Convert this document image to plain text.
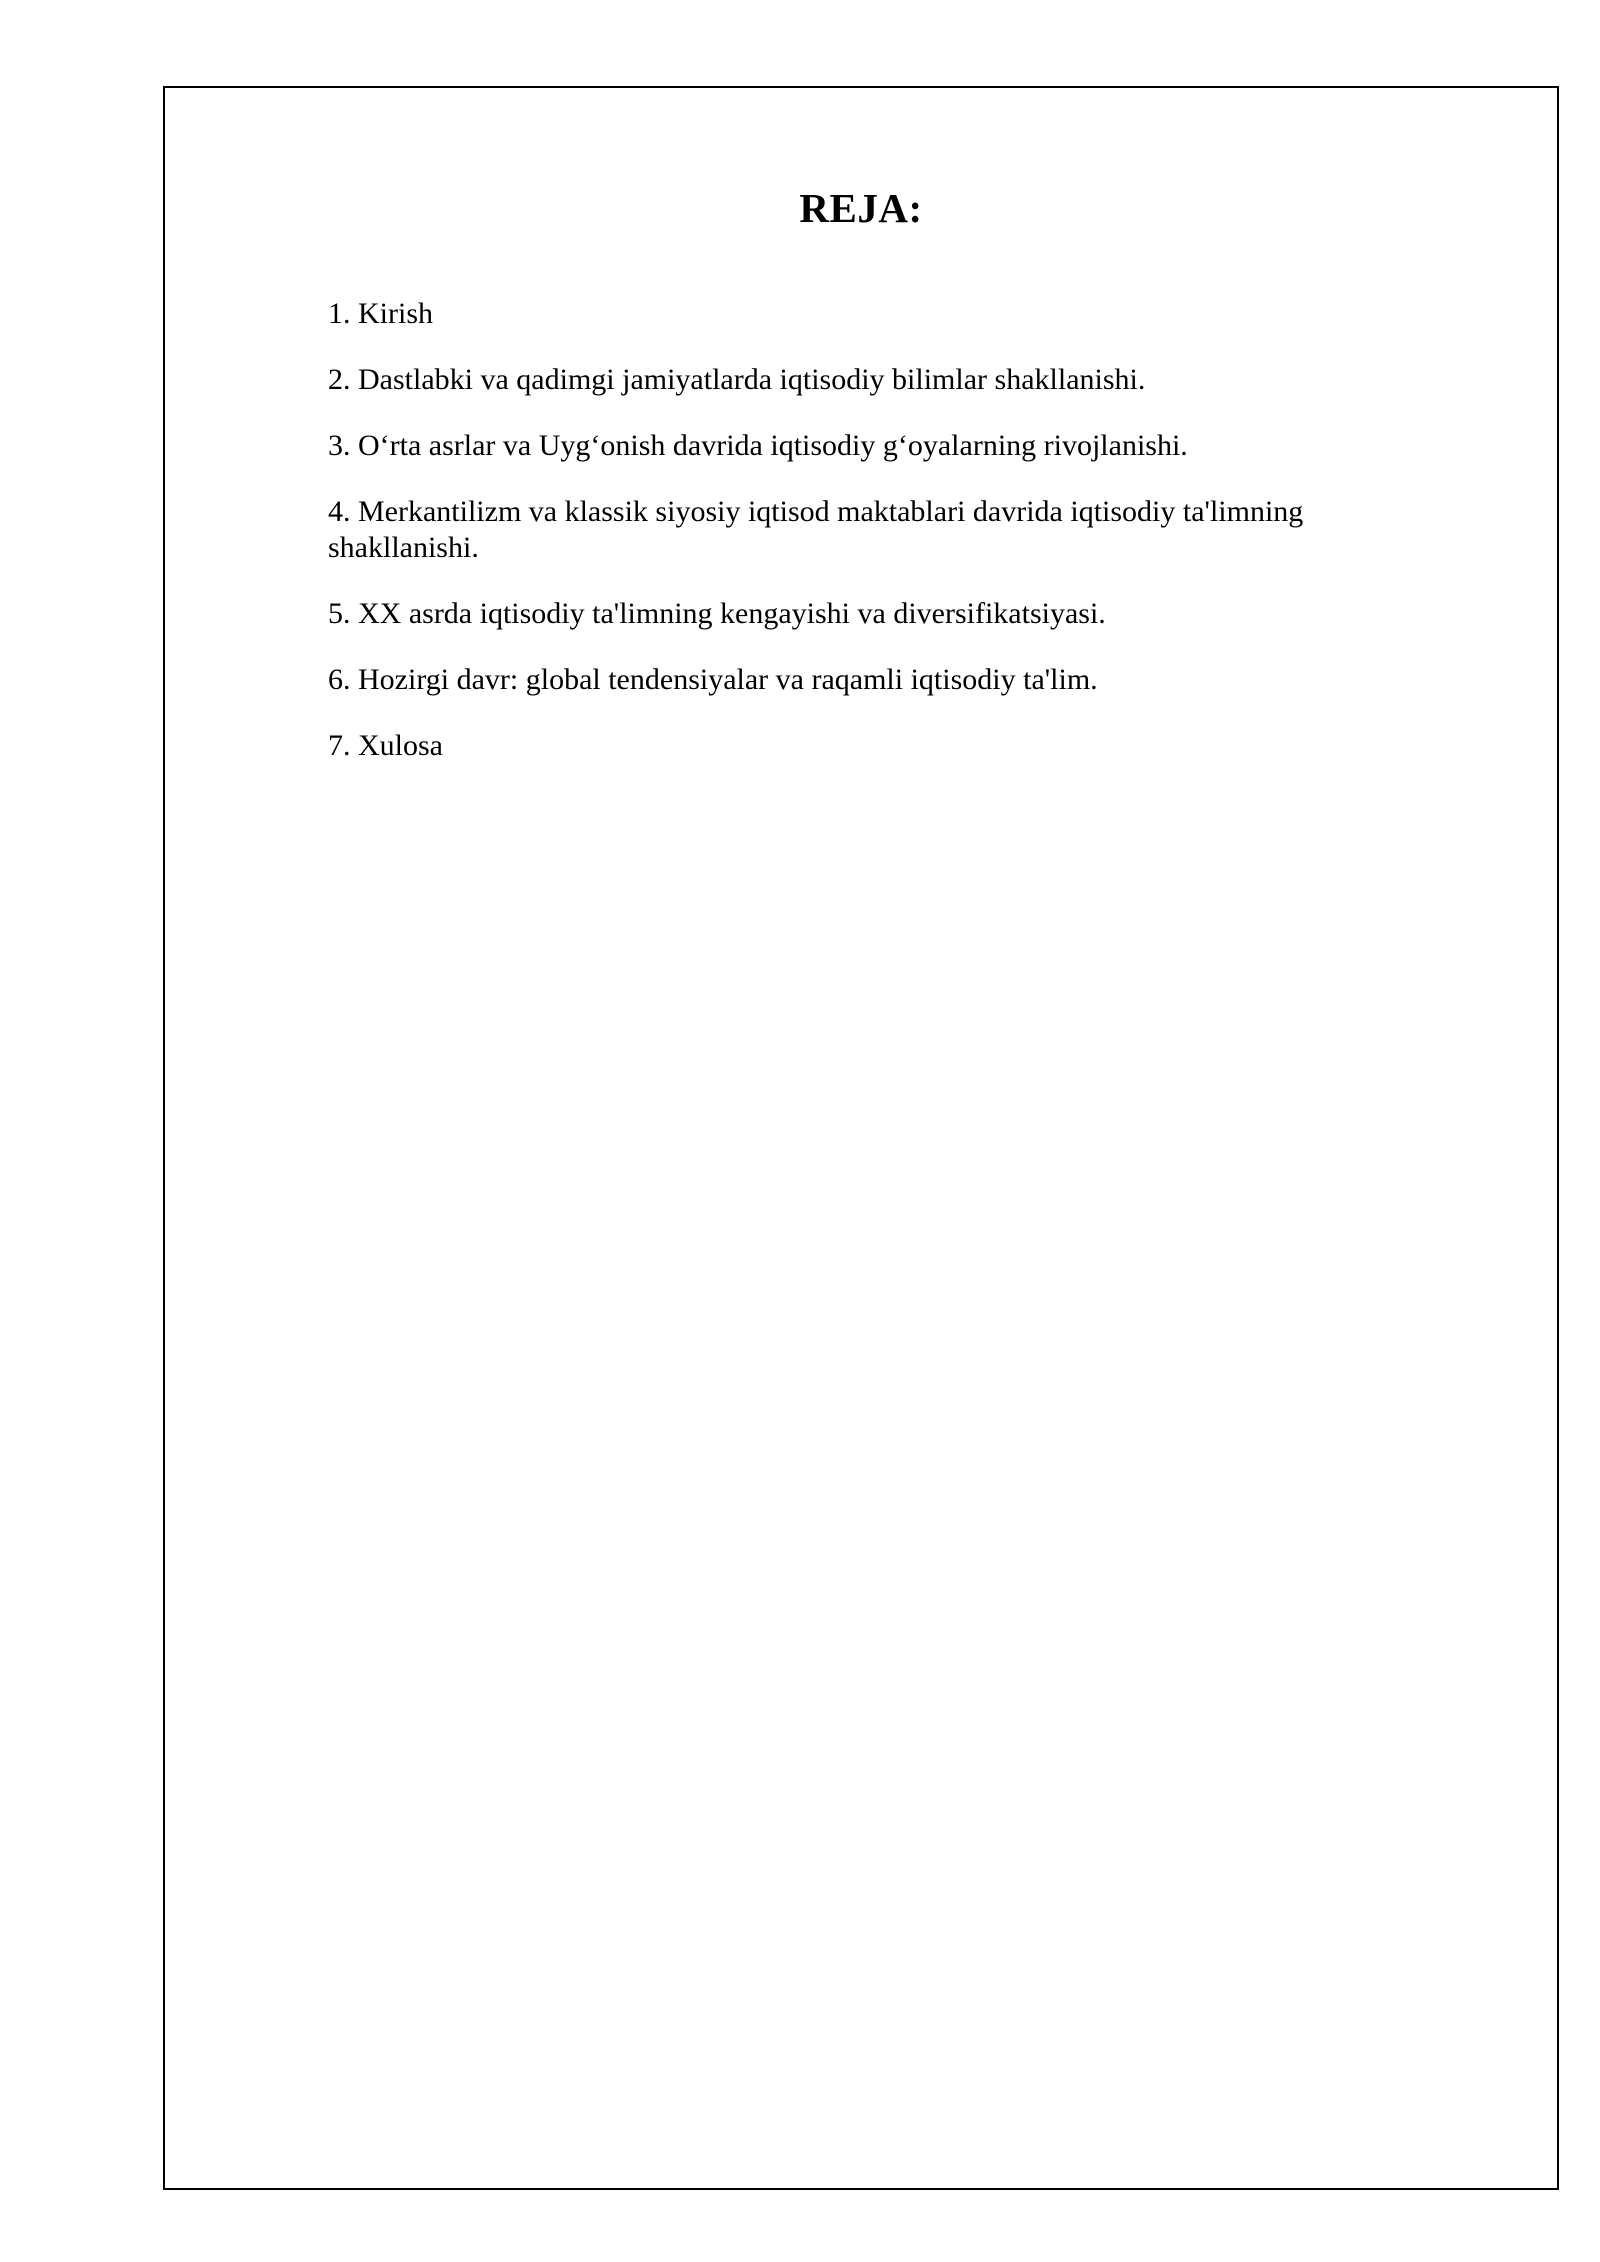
REJA:
1. Kirish
2. Dastlabki va qadimgi jamiyatlarda iqtisodiy bilimlar shakllanishi.
3. O‘rta asrlar va Uyg‘onish davrida iqtisodiy g‘oyalarning rivojlanishi.
4. Merkantilizm va klassik siyosiy iqtisod maktablari davrida iqtisodiy ta'limning shakllanishi.
5. XX asrda iqtisodiy ta'limning kengayishi va diversifikatsiyasi.
6. Hozirgi davr: global tendensiyalar va raqamli iqtisodiy ta'lim.
7. Xulosa
